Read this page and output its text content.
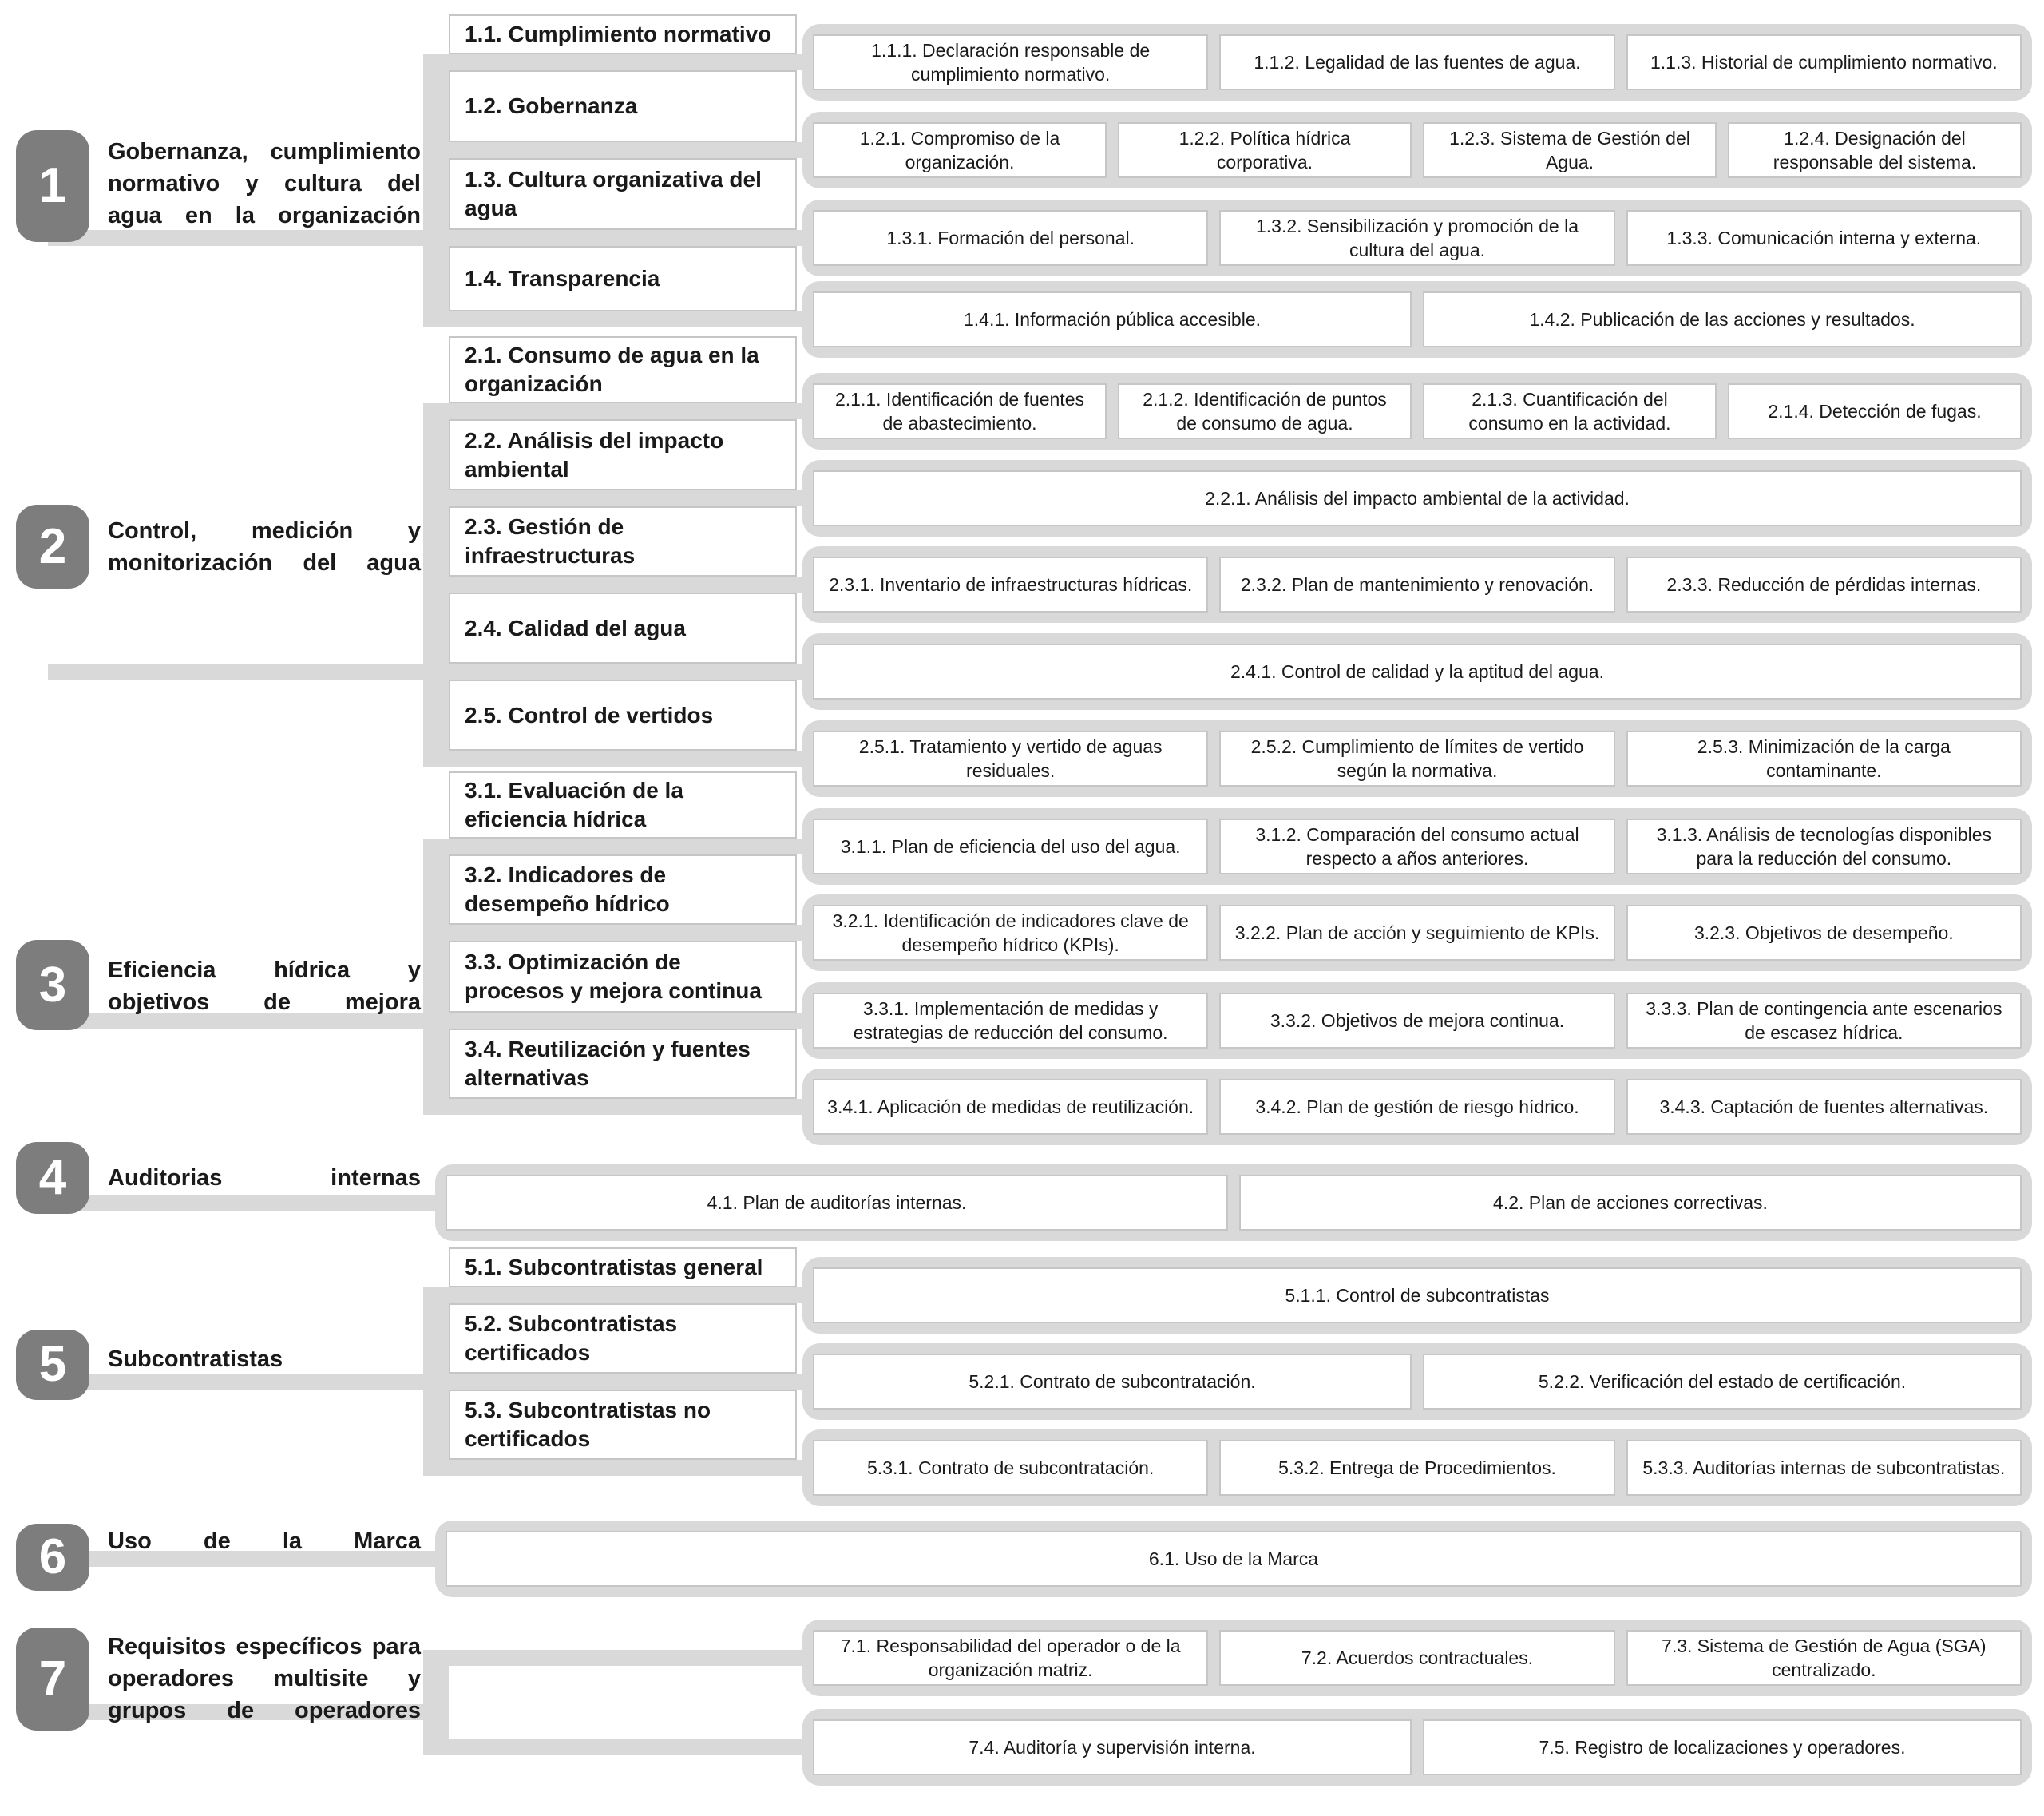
1
Gobernanza, cumplimiento normativo y cultura del agua en la organización
1.1. Cumplimiento normativo
1.1.1. Declaración responsable de cumplimiento normativo.
1.1.2. Legalidad de las fuentes de agua.	1.1.3. Historial de cumplimiento normativo.
1.2. Gobernanza
1.2.1. Compromiso de la organización.
1.2.2. Política hídrica corporativa.
1.2.3. Sistema de Gestión del Agua.
1.2.4. Designación del responsable del sistema.
1.3. Cultura organizativa del agua
1.3.1. Formación del personal.
1.3.2. Sensibilización y promoción de la cultura del agua.
1.3.3. Comunicación interna y externa.
1.4. Transparencia
1.4.1. Información pública accesible.	1.4.2. Publicación de las acciones y resultados.
2 Control, medición y monitorización del agua
2.1. Consumo de agua en la organización
2.1.1. Identificación de fuentes de abastecimiento.
2.1.2. Identificación de puntos de consumo de agua.
2.1.3. Cuantificación del consumo en la actividad.
2.1.4. Detección de fugas.
2.2. Análisis del impacto ambiental
2.2.1. Análisis del impacto ambiental de la actividad.
2.3. Gestión de infraestructuras
2.3.1. Inventario de infraestructuras hídricas.	2.3.2. Plan de mantenimiento y renovación.	2.3.3. Reducción de pérdidas internas.
2.4. Calidad del agua
2.4.1. Control de calidad y la aptitud del agua.
2.5. Control de vertidos
2.5.1. Tratamiento y vertido de aguas residuales.
2.5.2. Cumplimiento de límites de vertido según la normativa.
2.5.3. Minimización de la carga contaminante.
3 Eficiencia hídrica y objetivos de mejora
3.1. Evaluación de la eficiencia hídrica
3.1.1. Plan de eficiencia del uso del agua.
3.1.2. Comparación del consumo actual respecto a años anteriores.
3.1.3. Análisis de tecnologías disponibles para la reducción del consumo.
3.2. Indicadores de desempeño hídrico
3.2.1. Identificación de indicadores clave de desempeño hídrico (KPIs).
3.2.2. Plan de acción y seguimiento de KPIs.	3.2.3. Objetivos de desempeño.
3.3. Optimización de procesos y mejora continua
3.3.1. Implementación de medidas y estrategias de reducción del consumo.
3.3.2. Objetivos de mejora continua.
3.3.3. Plan de contingencia ante escenarios de escasez hídrica.
3.4. Reutilización y fuentes alternativas
3.4.1. Aplicación de medidas de reutilización.	3.4.2. Plan de gestión de riesgo hídrico.	3.4.3. Captación de fuentes alternativas.
4 Auditorias internas
4.1. Plan de auditorías internas.	4.2. Plan de acciones correctivas.
5 Subcontratistas
5.1. Subcontratistas general
5.1.1. Control de subcontratistas
5.2. Subcontratistas certificados
5.2.1. Contrato de subcontratación.	5.2.2. Verificación del estado de certificación.
5.3. Subcontratistas no certificados
5.3.1. Contrato de subcontratación.	5.3.2. Entrega de Procedimientos.	5.3.3. Auditorías internas de subcontratistas.
6 Uso de la Marca
6.1. Uso de la Marca
7
Requisitos específicos para operadores multisite y grupos de operadores
7.1. Responsabilidad del operador o de la organización matriz.
7.2. Acuerdos contractuales.
7.3. Sistema de Gestión de Agua (SGA) centralizado.
7.4. Auditoría y supervisión interna.	7.5. Registro de localizaciones y operadores.
